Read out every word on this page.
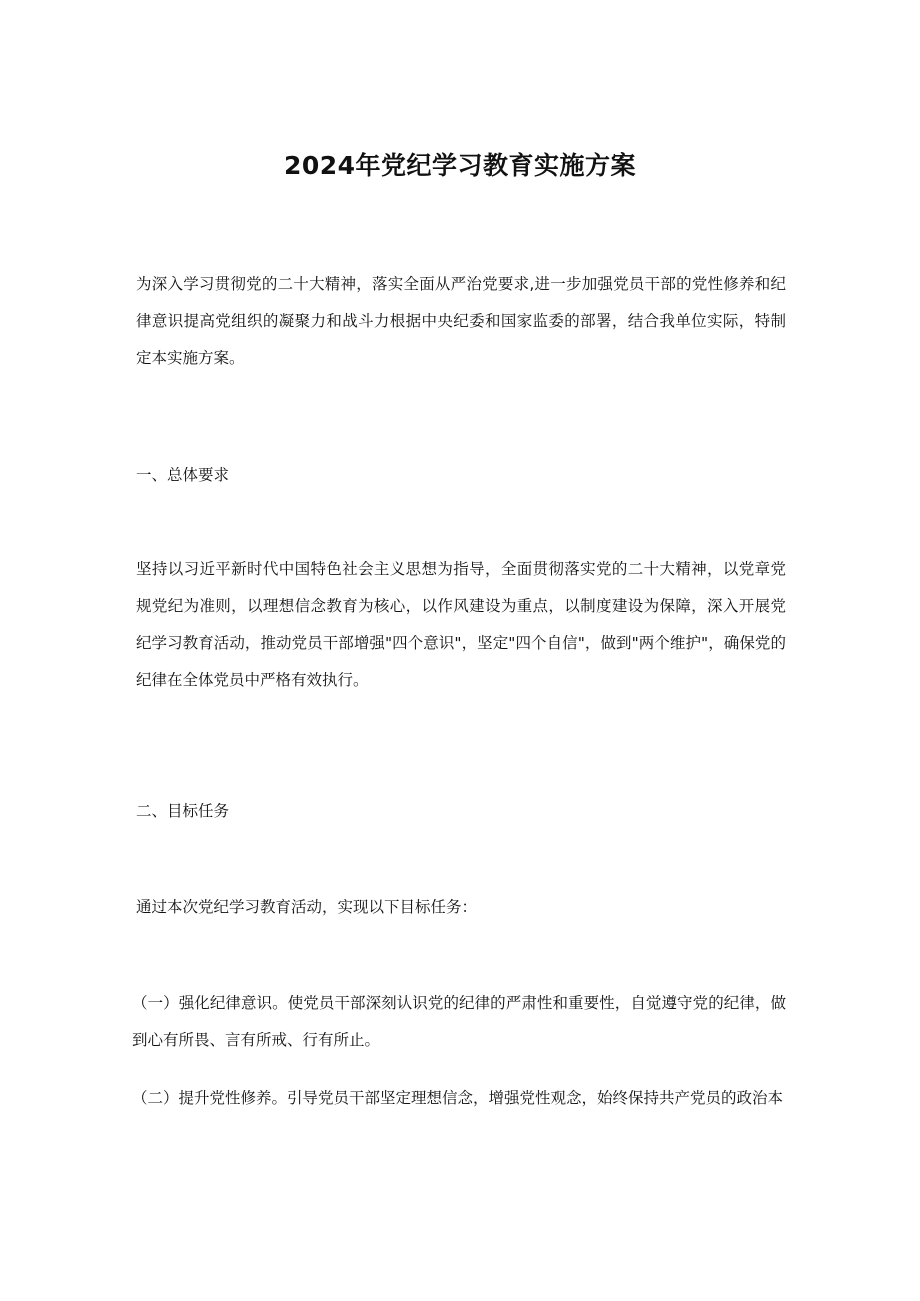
2024年党纪学习教育实施方案

为深入学习贯彻党的二十大精神，落实全面从严治党要求,进一步加强党员干部的党性修养和纪律意识提高党组织的凝聚力和战斗力根据中央纪委和国家监委的部署，结合我单位实际，特制定本实施方案。

一、总体要求

坚持以习近平新时代中国特色社会主义思想为指导，全面贯彻落实党的二十大精神，以党章党规党纪为准则，以理想信念教育为核心，以作风建设为重点，以制度建设为保障，深入开展党纪学习教育活动，推动党员干部增强"四个意识"，坚定"四个自信"，做到"两个维护"，确保党的纪律在全体党员中严格有效执行。

二、目标任务

通过本次党纪学习教育活动，实现以下目标任务：

（一）强化纪律意识。使党员干部深刻认识党的纪律的严肃性和重要性，自觉遵守党的纪律，做到心有所畏、言有所戒、行有所止。

（二）提升党性修养。引导党员干部坚定理想信念，增强党性观念，始终保持共产党员的政治本
